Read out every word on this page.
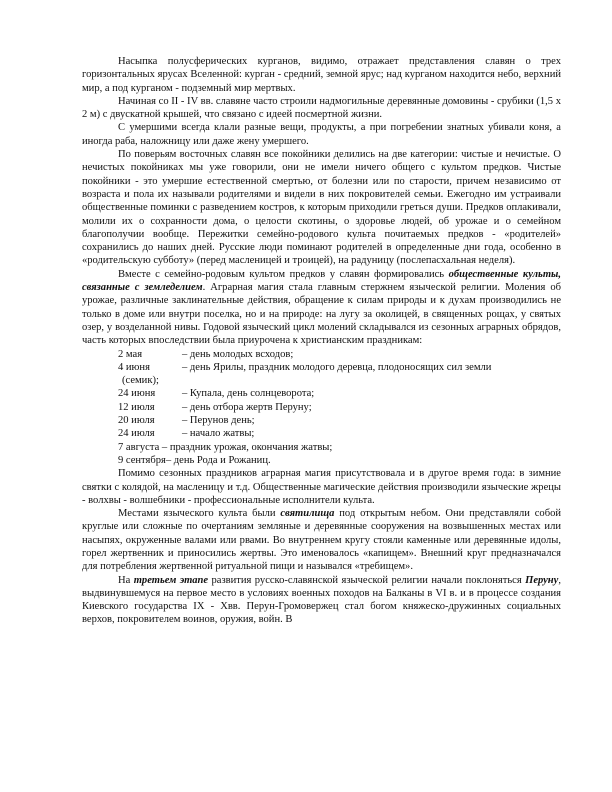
Насыпка полусферических курганов, видимо, отражает представления славян о трех горизонтальных ярусах Вселенной: курган - средний, земной ярус; над курганом находится небо, верхний мир, а под курганом - подземный мир мертвых.

Начиная со II - IV вв. славяне часто строили надмогильные деревянные домовины - срубики (1,5 х 2 м) с двускатной крышей, что связано с идеей посмертной жизни.

С умершими всегда клали разные вещи, продукты, а при погребении знатных убивали коня, а иногда раба, наложницу или даже жену умершего.

По поверьям восточных славян все покойники делились на две категории: чистые и нечистые. О нечистых покойниках мы уже говорили, они не имели ничего общего с культом предков. Чистые покойники - это умершие естественной смертью, от болезни или по старости, причем независимо от возраста и пола их называли родителями и видели в них покровителей семьи. Ежегодно им устраивали общественные поминки с разведением костров, к которым приходили греться души. Предков оплакивали, молили их о сохранности дома, о целости скотины, о здоровье людей, об урожае и о семейном благополучии вообще. Пережитки семейно-родового культа почитаемых предков - «родителей» сохранились до наших дней. Русские люди поминают родителей в определенные дни года, особенно в «родительскую субботу» (перед масленицей и троицей), на радуницу (послепасхальная неделя).

Вместе с семейно-родовым культом предков у славян формировались общественные культы, связанные с земледелием. Аграрная магия стала главным стержнем языческой религии. Моления об урожае, различные заклинательные действия, обращение к силам природы и к духам производились не только в доме или внутри поселка, но и на природе: на лугу за околицей, в священных рощах, у святых озер, у возделанной нивы. Годовой языческий цикл молений складывался из сезонных аграрных обрядов, часть которых впоследствии была приурочена к христианским праздникам:

2 мая	– день молодых всходов;
4 июня	– день Ярилы, праздник молодого деревца, плодоносящих сил земли
(семик);
24 июня	– Купала, день солнцеворота;
12 июля	– день отбора жертв Перуну;
20 июля	– Перунов день;
24 июля	– начало жатвы;
7 августа – праздник урожая, окончания жатвы;
9 сентября– день Рода и Рожаниц.

Помимо сезонных праздников аграрная магия присутствовала и в другое время года: в зимние святки с колядой, на масленицу и т.д. Общественные магические действия производили языческие жрецы - волхвы - волшебники - профессиональные исполнители культа.

Местами языческого культа были святилища под открытым небом. Они представляли собой круглые или сложные по очертаниям земляные и деревянные сооружения на возвышенных местах или насыпях, окруженные валами или рвами. Во внутреннем кругу стояли каменные или деревянные идолы, горел жертвенник и приносились жертвы. Это именовалось «капищем». Внешний круг предназначался для потребления жертвенной ритуальной пищи и назывался «требищем».

На третьем этапе развития русско-славянской языческой религии начали поклоняться Перуну, выдвинувшемуся на первое место в условиях военных походов на Балканы в VI в. и в процессе создания Киевского государства IX - Xвв. Перун-Громовержец стал богом княжеско-дружинных социальных верхов, покровителем воинов, оружия, войн. В
